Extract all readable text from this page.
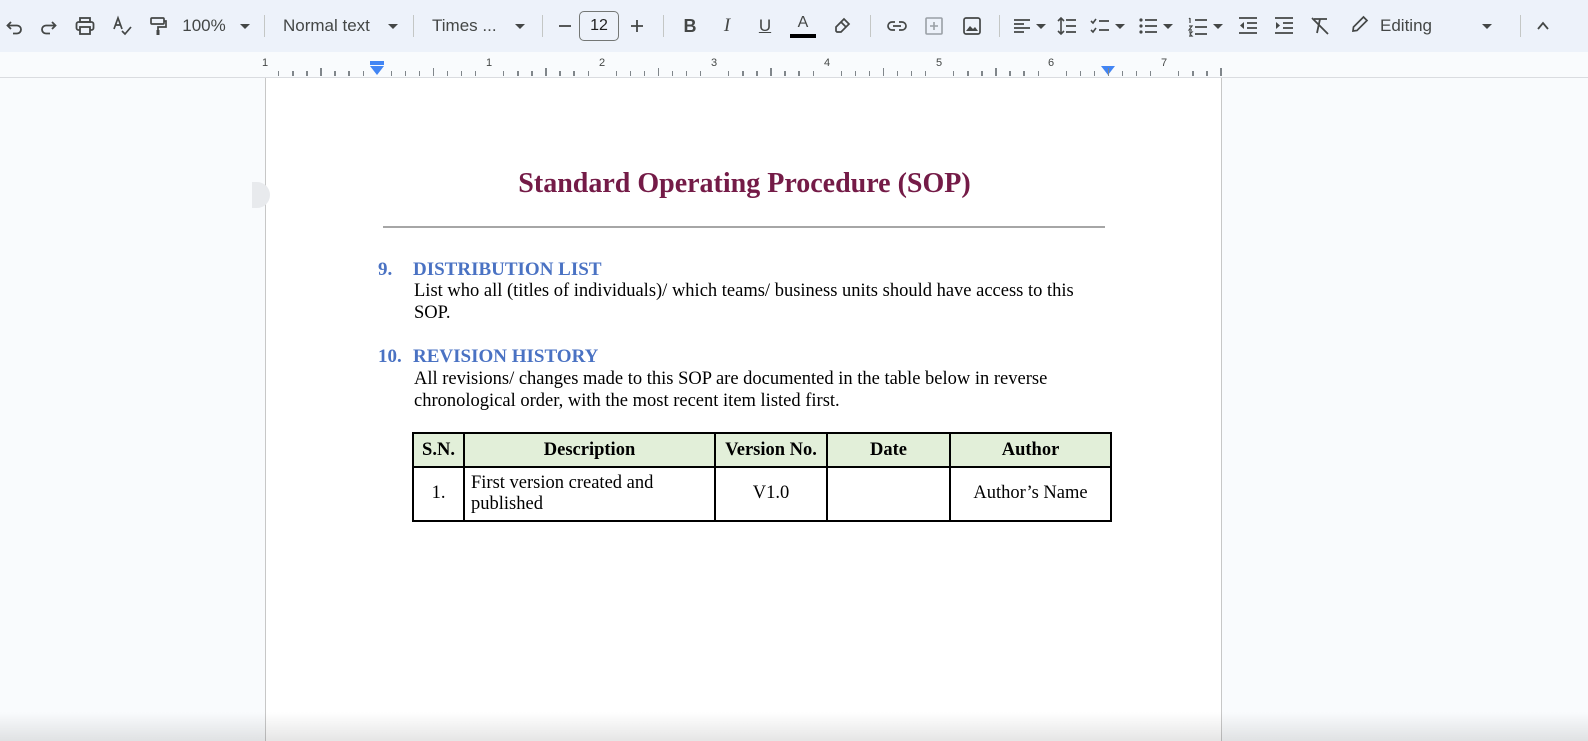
100%	Normal text	Times ...	12	B I U A	Editing
1	1	2	3	4	5	6	7
Standard Operating Procedure (SOP)
9. DISTRIBUTION LIST
List who all (titles of individuals)/ which teams/ business units should have access to this
SOP.
10. REVISION HISTORY
All revisions/ changes made to this SOP are documented in the table below in reverse
chronological order, with the most recent item listed first.
S.N.	Description	Version No.	Date	Author
1.	First version created and
published	V1.0		Author’s Name
